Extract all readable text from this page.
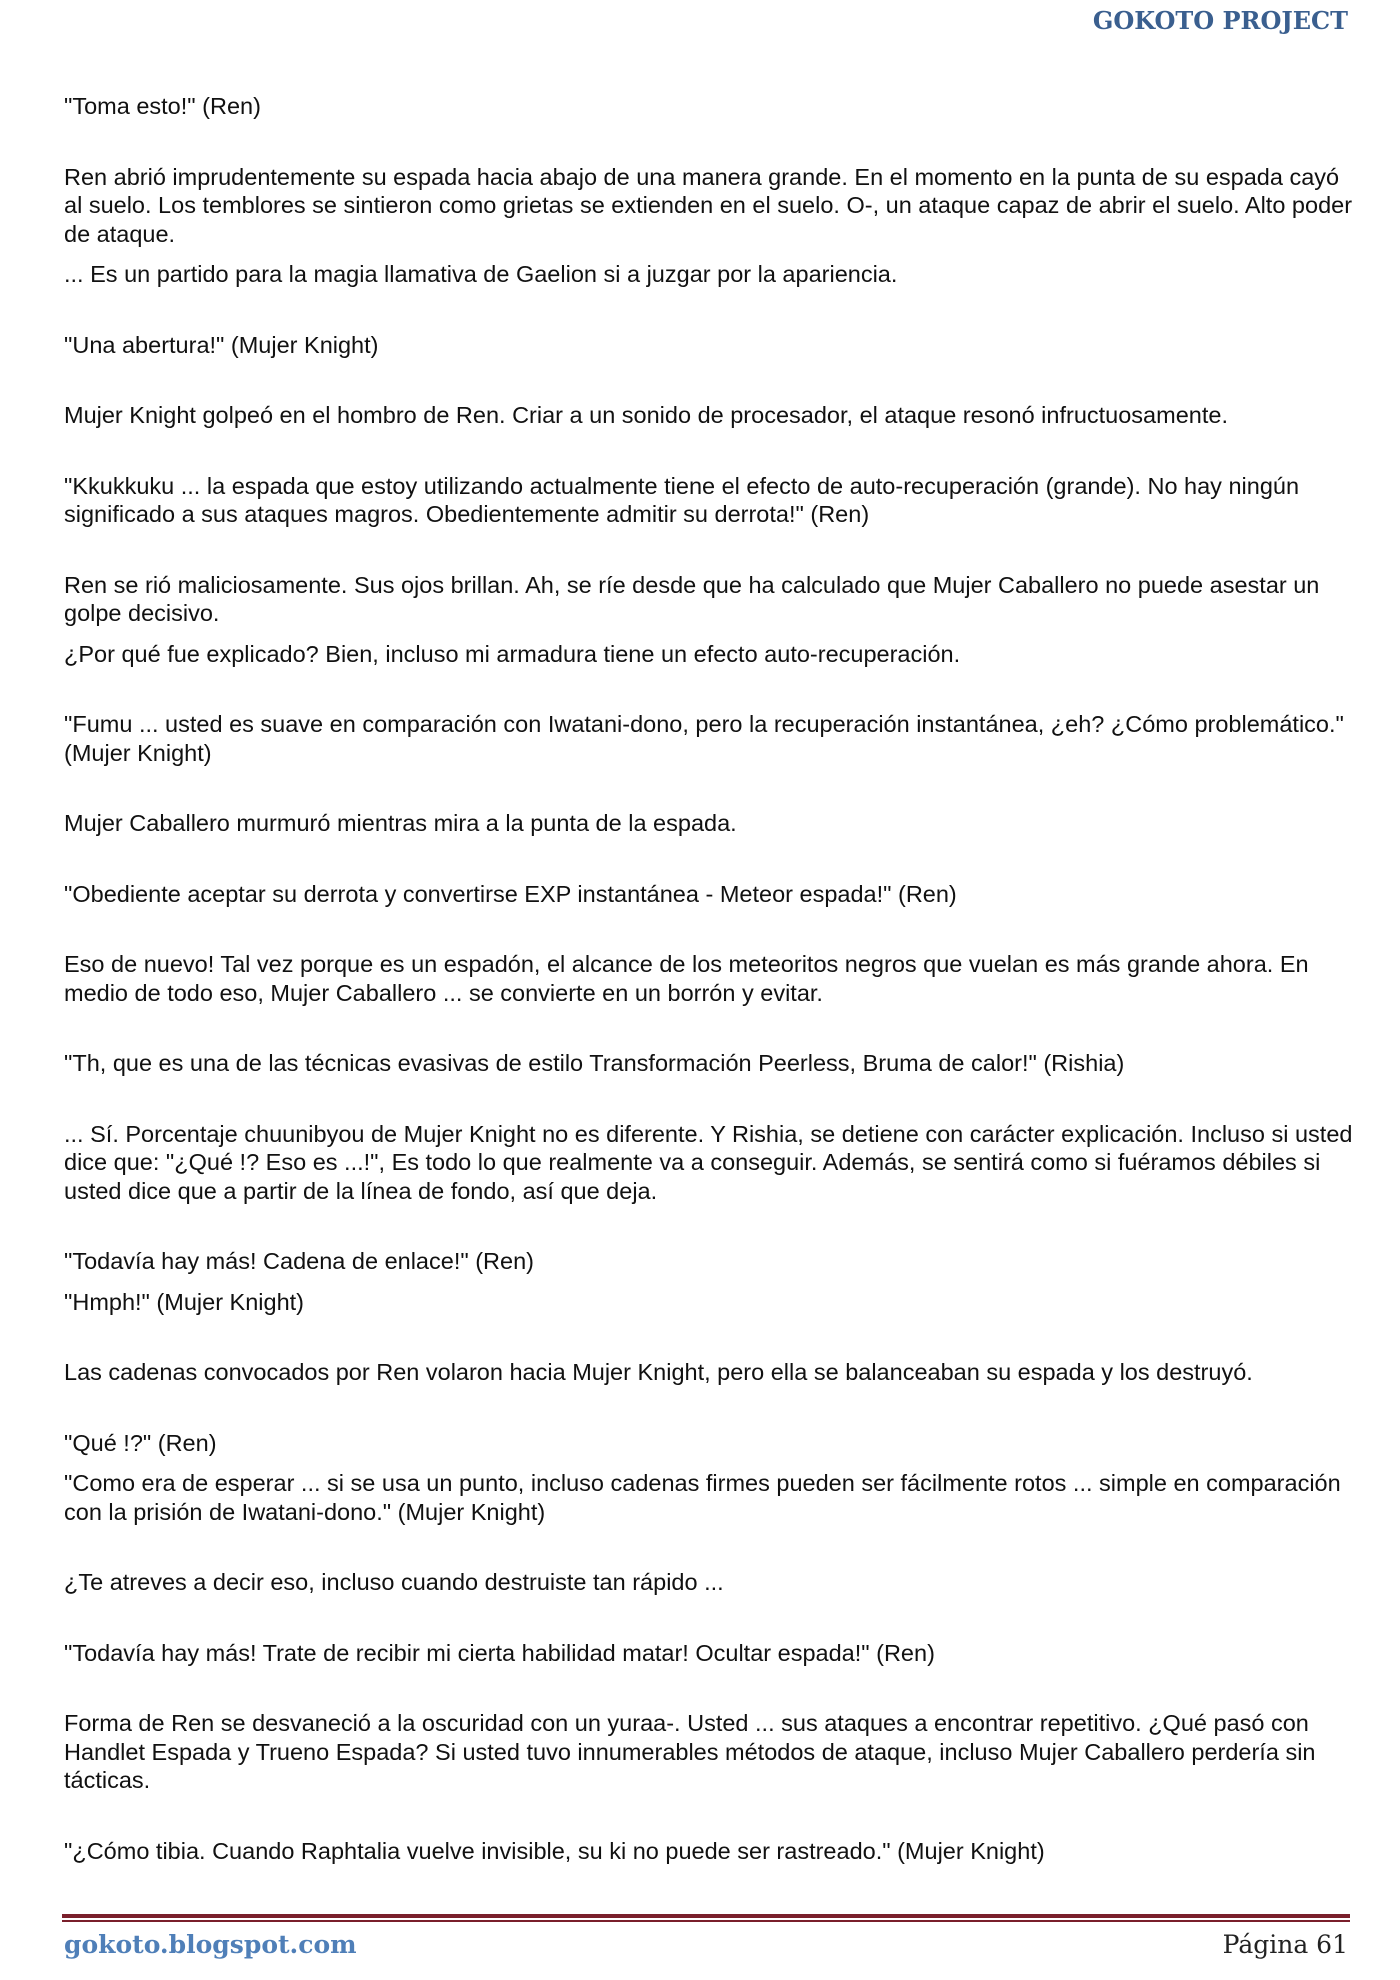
GOKOTO PROJECT

"Toma esto!" (Ren)

Ren abrió imprudentemente su espada hacia abajo de una manera grande. En el momento en la punta de su espada cayó al suelo. Los temblores se sintieron como grietas se extienden en el suelo. O-, un ataque capaz de abrir el suelo. Alto poder de ataque.

... Es un partido para la magia llamativa de Gaelion si a juzgar por la apariencia.

"Una abertura!" (Mujer Knight)

Mujer Knight golpeó en el hombro de Ren. Criar a un sonido de procesador, el ataque resonó infructuosamente.

"Kkukkuku ... la espada que estoy utilizando actualmente tiene el efecto de auto-recuperación (grande). No hay ningún significado a sus ataques magros. Obedientemente admitir su derrota!" (Ren)

Ren se rió maliciosamente. Sus ojos brillan. Ah, se ríe desde que ha calculado que Mujer Caballero no puede asestar un golpe decisivo.

¿Por qué fue explicado? Bien, incluso mi armadura tiene un efecto auto-recuperación.

"Fumu ... usted es suave en comparación con Iwatani-dono, pero la recuperación instantánea, ¿eh? ¿Cómo problemático." (Mujer Knight)

Mujer Caballero murmuró mientras mira a la punta de la espada.

"Obediente aceptar su derrota y convertirse EXP instantánea - Meteor espada!" (Ren)

Eso de nuevo! Tal vez porque es un espadón, el alcance de los meteoritos negros que vuelan es más grande ahora. En medio de todo eso, Mujer Caballero ... se convierte en un borrón y evitar.

"Th, que es una de las técnicas evasivas de estilo Transformación Peerless, Bruma de calor!" (Rishia)

... Sí. Porcentaje chuunibyou de Mujer Knight no es diferente. Y Rishia, se detiene con carácter explicación. Incluso si usted dice que: "¿Qué !? Eso es ...!", Es todo lo que realmente va a conseguir. Además, se sentirá como si fuéramos débiles si usted dice que a partir de la línea de fondo, así que deja.

"Todavía hay más! Cadena de enlace!" (Ren)

"Hmph!" (Mujer Knight)

Las cadenas convocados por Ren volaron hacia Mujer Knight, pero ella se balanceaban su espada y los destruyó.

"Qué !?" (Ren)

"Como era de esperar ... si se usa un punto, incluso cadenas firmes pueden ser fácilmente rotos ... simple en comparación con la prisión de Iwatani-dono." (Mujer Knight)

¿Te atreves a decir eso, incluso cuando destruiste tan rápido ...

"Todavía hay más! Trate de recibir mi cierta habilidad matar! Ocultar espada!" (Ren)

Forma de Ren se desvaneció a la oscuridad con un yuraa-. Usted ... sus ataques a encontrar repetitivo. ¿Qué pasó con Handlet Espada y Trueno Espada? Si usted tuvo innumerables métodos de ataque, incluso Mujer Caballero perdería sin tácticas.

"¿Cómo tibia. Cuando Raphtalia vuelve invisible, su ki no puede ser rastreado." (Mujer Knight)

gokoto.blogspot.com	Página 61
